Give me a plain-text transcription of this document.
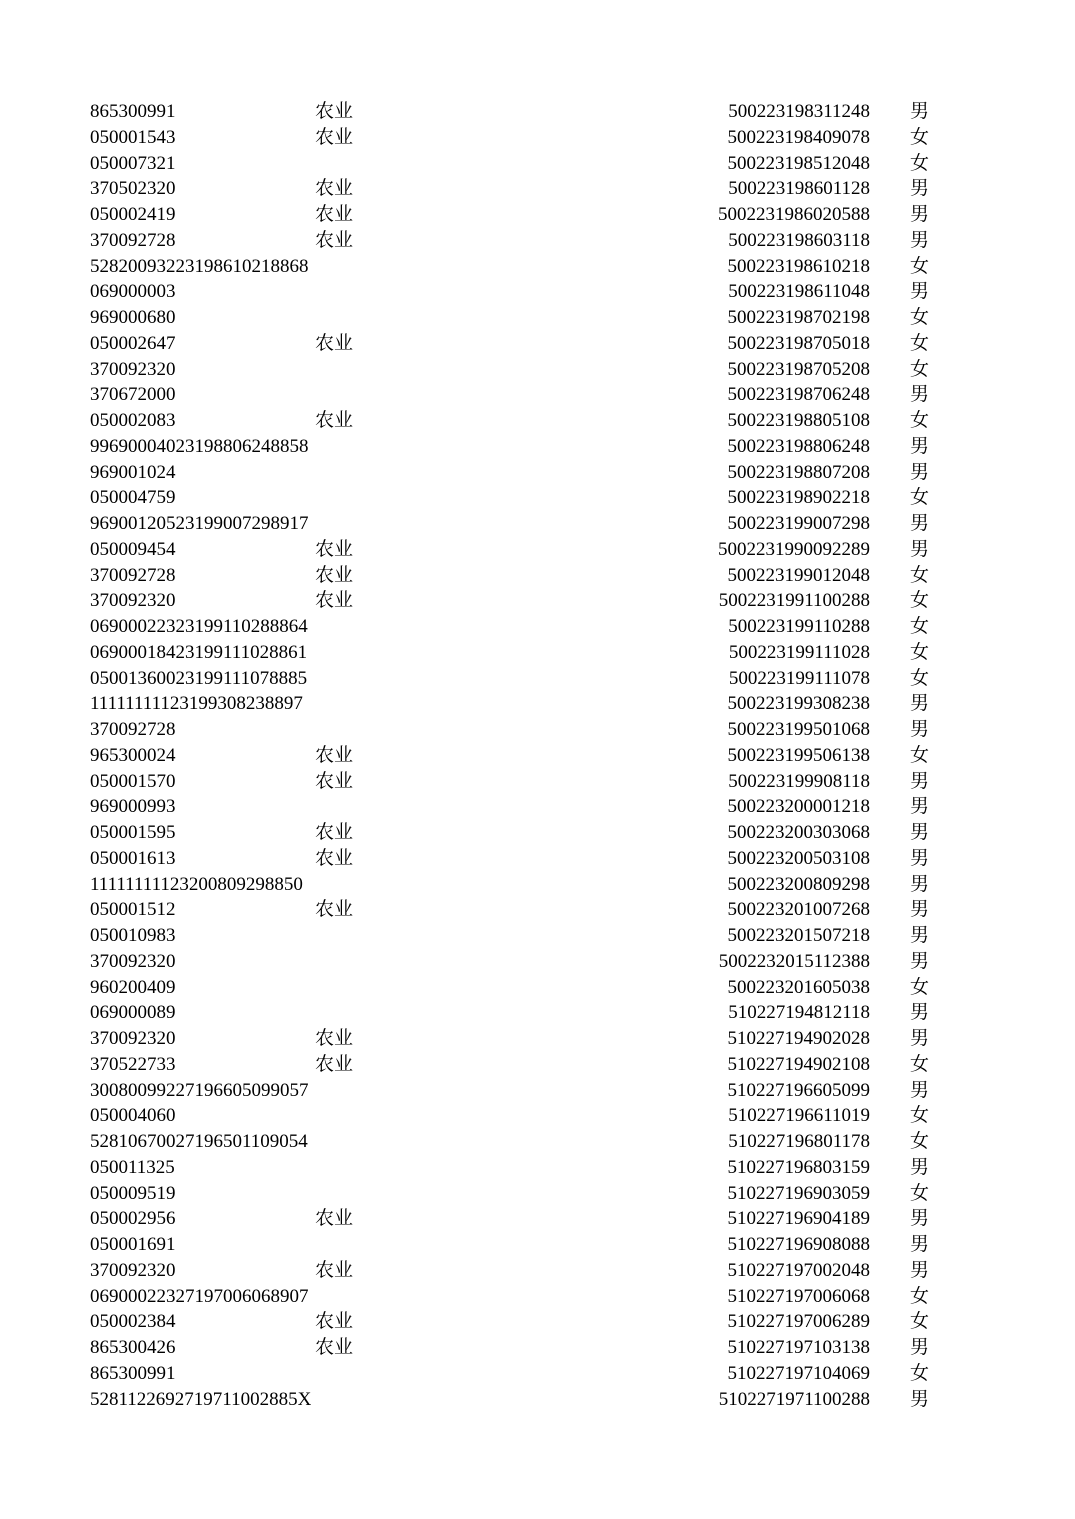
865300991	农业	500223198311248 男
050001543	农业	500223198409078 女
050007321	500223198512048 女
370502320	农业	500223198601128 男
050002419	农业	5002231986020588 男
370092728	农业	500223198603118 男
52820093223198610218868	500223198610218 女
069000003	500223198611048 男
969000680	500223198702198 女
050002647	农业	500223198705018 女
370092320	500223198705208 女
370672000	500223198706248 男
050002083	农业	500223198805108 女
99690004023198806248858	500223198806248 男
969001024	500223198807208 男
050004759	500223198902218 女
96900120523199007298917	500223199007298 男
050009454	农业	5002231990092289 男
370092728	农业	500223199012048 女
370092320	农业	5002231991100288 女
06900022323199110288864	500223199110288 女
06900018423199111028861	500223199111028 女
05001360023199111078885	500223199111078 女
11111111123199308238897	500223199308238 男
370092728	500223199501068 男
965300024	农业	500223199506138 女
050001570	农业	500223199908118 男
969000993	500223200001218 男
050001595	农业	500223200303068 男
050001613	农业	500223200503108 男
11111111123200809298850	500223200809298 男
050001512	农业	500223201007268 男
050010983	500223201507218 男
370092320	5002232015112388 男
960200409	500223201605038 女
069000089	510227194812118 男
370092320	农业	510227194902028 男
370522733	农业	510227194902108 女
30080099227196605099057	510227196605099 男
050004060	510227196611019 女
52810670027196501109054	510227196801178 女
050011325	510227196803159 男
050009519	510227196903059 女
050002956	农业	510227196904189 男
050001691	510227196908088 男
370092320	农业	510227197002048 男
06900022327197006068907	510227197006068 女
050002384	农业	510227197006289 女
865300426	农业	510227197103138 男
865300991	510227197104069 女
5281122692719711002885X	5102271971100288 男
